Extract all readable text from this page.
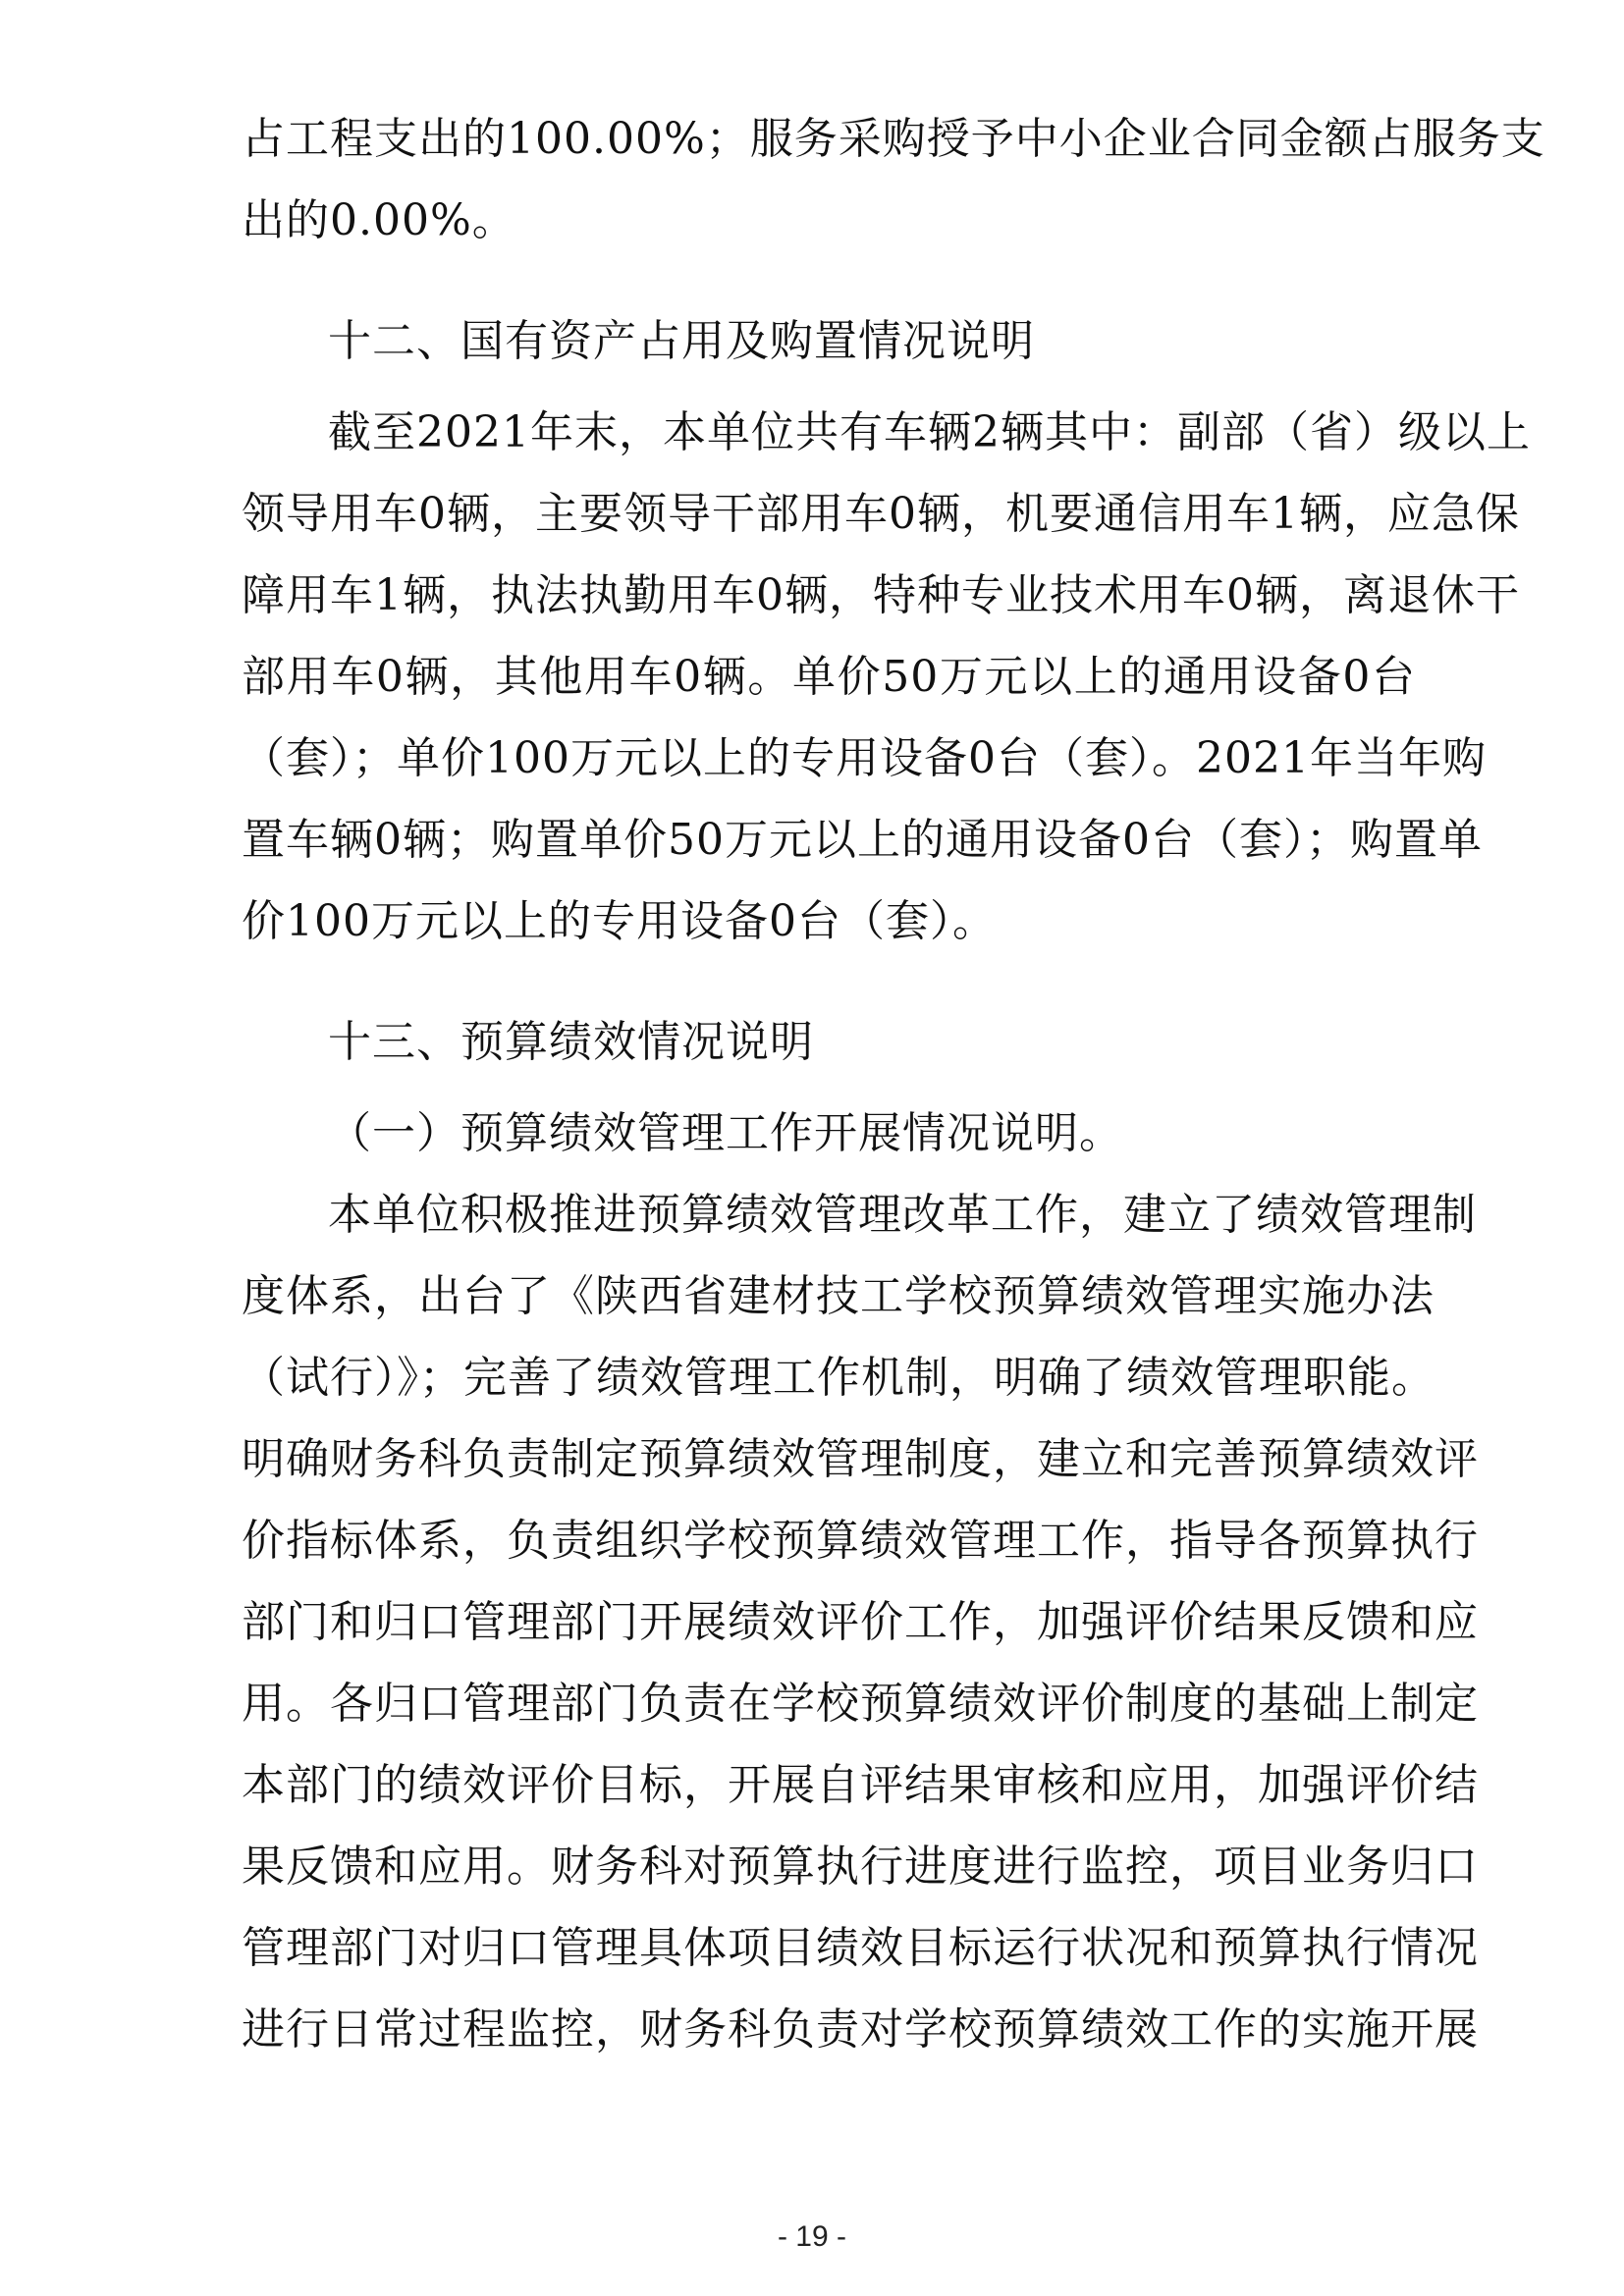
占工程支出的100.00%；服务采购授予中小企业合同金额占服务支
出的0.00%。
十二、国有资产占用及购置情况说明
截至2021年末，本单位共有车辆2辆其中：副部（省）级以上
领导用车0辆，主要领导干部用车0辆，机要通信用车1辆，应急保
障用车1辆，执法执勤用车0辆，特种专业技术用车0辆，离退休干
部用车0辆，其他用车0辆。单价50万元以上的通用设备0台
（套）；单价100万元以上的专用设备0台（套）。2021年当年购
置车辆0辆；购置单价50万元以上的通用设备0台（套）；购置单
价100万元以上的专用设备0台（套）。
十三、预算绩效情况说明
（一）预算绩效管理工作开展情况说明。
本单位积极推进预算绩效管理改革工作，建立了绩效管理制
度体系，出台了《陕西省建材技工学校预算绩效管理实施办法
（试行）》；完善了绩效管理工作机制，明确了绩效管理职能。
明确财务科负责制定预算绩效管理制度，建立和完善预算绩效评
价指标体系，负责组织学校预算绩效管理工作，指导各预算执行
部门和归口管理部门开展绩效评价工作，加强评价结果反馈和应
用。各归口管理部门负责在学校预算绩效评价制度的基础上制定
本部门的绩效评价目标，开展自评结果审核和应用，加强评价结
果反馈和应用。财务科对预算执行进度进行监控，项目业务归口
管理部门对归口管理具体项目绩效目标运行状况和预算执行情况
进行日常过程监控，财务科负责对学校预算绩效工作的实施开展
- 19 -
